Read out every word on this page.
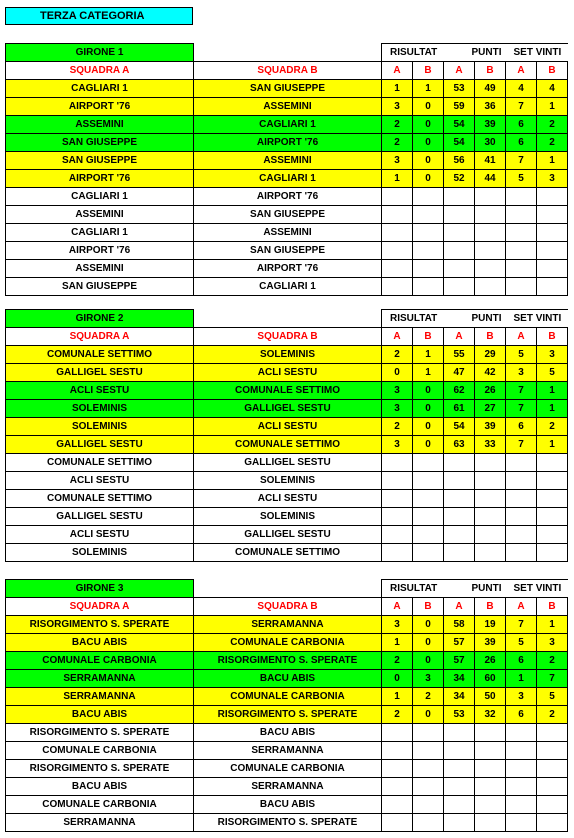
TERZA CATEGORIA
GIRONE 1		RISULTAT		PUNTI		SET VINTI	
SQUADRA A	SQUADRA B	A	B	A	B	A	B
CAGLIARI 1	SAN GIUSEPPE	1	1	53	49	4	4
AIRPORT '76	ASSEMINI	3	0	59	36	7	1
ASSEMINI	CAGLIARI 1	2	0	54	39	6	2
SAN GIUSEPPE	AIRPORT '76	2	0	54	30	6	2
SAN GIUSEPPE	ASSEMINI	3	0	56	41	7	1
AIRPORT '76	CAGLIARI 1	1	0	52	44	5	3
CAGLIARI 1	AIRPORT '76						
ASSEMINI	SAN GIUSEPPE						
CAGLIARI 1	ASSEMINI						
AIRPORT '76	SAN GIUSEPPE						
ASSEMINI	AIRPORT '76						
SAN GIUSEPPE	CAGLIARI 1						
GIRONE 2		RISULTAT		PUNTI		SET VINTI	
SQUADRA A	SQUADRA B	A	B	A	B	A	B
COMUNALE SETTIMO	SOLEMINIS	2	1	55	29	5	3
GALLIGEL SESTU	ACLI SESTU	0	1	47	42	3	5
ACLI SESTU	COMUNALE SETTIMO	3	0	62	26	7	1
SOLEMINIS	GALLIGEL SESTU	3	0	61	27	7	1
SOLEMINIS	ACLI SESTU	2	0	54	39	6	2
GALLIGEL SESTU	COMUNALE SETTIMO	3	0	63	33	7	1
COMUNALE SETTIMO	GALLIGEL SESTU						
ACLI SESTU	SOLEMINIS						
COMUNALE SETTIMO	ACLI SESTU						
GALLIGEL SESTU	SOLEMINIS						
ACLI SESTU	GALLIGEL SESTU						
SOLEMINIS	COMUNALE SETTIMO						
GIRONE 3		RISULTAT		PUNTI		SET VINTI	
SQUADRA A	SQUADRA B	A	B	A	B	A	B
RISORGIMENTO S. SPERATE	SERRAMANNA	3	0	58	19	7	1
BACU ABIS	COMUNALE CARBONIA	1	0	57	39	5	3
COMUNALE CARBONIA	RISORGIMENTO S. SPERATE	2	0	57	26	6	2
SERRAMANNA	BACU ABIS	0	3	34	60	1	7
SERRAMANNA	COMUNALE CARBONIA	1	2	34	50	3	5
BACU ABIS	RISORGIMENTO S. SPERATE	2	0	53	32	6	2
RISORGIMENTO S. SPERATE	BACU ABIS						
COMUNALE CARBONIA	SERRAMANNA						
RISORGIMENTO S. SPERATE	COMUNALE CARBONIA						
BACU ABIS	SERRAMANNA						
COMUNALE CARBONIA	BACU ABIS						
SERRAMANNA	RISORGIMENTO S. SPERATE						
